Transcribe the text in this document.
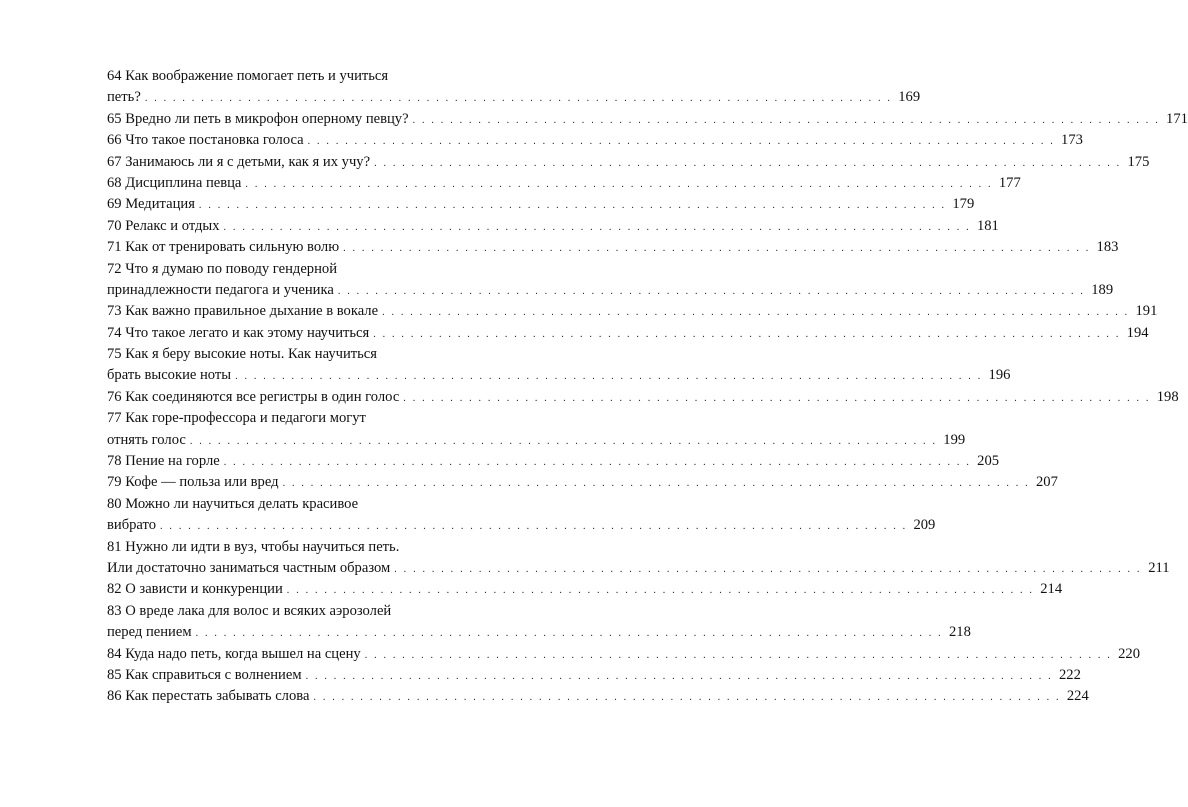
64 Как воображение помогает петь и учиться
петь? . . . . . . . . . . . . . . . . . . . . . . . . . . . . . . . . . . . . . . . . . . . . . . . . . . . . . . . . . . . . . . . . . . . . . . . . . . . . . . . . 169
65 Вредно ли петь в микрофон оперному певцу? . . . . . . . . . . . . . . . . . . . . . . . . . . . . . . . . . . . . . . . . . . . . . . . . . . . . . . . . . . . . . . . . . . . . . . . . . . . . . . . . 171
66 Что такое постановка голоса . . . . . . . . . . . . . . . . . . . . . . . . . . . . . . . . . . . . . . . . . . . . . . . . . . . . . . . . . . . . . . . . . . . . . . . . . . . . . . . . 173
67 Занимаюсь ли я с детьми, как я их учу? . . . . . . . . . . . . . . . . . . . . . . . . . . . . . . . . . . . . . . . . . . . . . . . . . . . . . . . . . . . . . . . . . . . . . . . . . . . . . . . . 175
68 Дисциплина певца . . . . . . . . . . . . . . . . . . . . . . . . . . . . . . . . . . . . . . . . . . . . . . . . . . . . . . . . . . . . . . . . . . . . . . . . . . . . . . . . 177
69 Медитация . . . . . . . . . . . . . . . . . . . . . . . . . . . . . . . . . . . . . . . . . . . . . . . . . . . . . . . . . . . . . . . . . . . . . . . . . . . . . . . . 179
70 Релакс и отдых . . . . . . . . . . . . . . . . . . . . . . . . . . . . . . . . . . . . . . . . . . . . . . . . . . . . . . . . . . . . . . . . . . . . . . . . . . . . . . . . 181
71 Как от тренировать сильную волю . . . . . . . . . . . . . . . . . . . . . . . . . . . . . . . . . . . . . . . . . . . . . . . . . . . . . . . . . . . . . . . . . . . . . . . . . . . . . . . . 183
72 Что я думаю по поводу гендерной
принадлежности педагога и ученика . . . . . . . . . . . . . . . . . . . . . . . . . . . . . . . . . . . . . . . . . . . . . . . . . . . . . . . . . . . . . . . . . . . . . . . . . . . . . . . . 189
73 Как важно правильное дыхание в вокале . . . . . . . . . . . . . . . . . . . . . . . . . . . . . . . . . . . . . . . . . . . . . . . . . . . . . . . . . . . . . . . . . . . . . . . . . . . . . . . . 191
74 Что такое легато и как этому научиться . . . . . . . . . . . . . . . . . . . . . . . . . . . . . . . . . . . . . . . . . . . . . . . . . . . . . . . . . . . . . . . . . . . . . . . . . . . . . . . . 194
75 Как я беру высокие ноты. Как научиться
брать высокие ноты . . . . . . . . . . . . . . . . . . . . . . . . . . . . . . . . . . . . . . . . . . . . . . . . . . . . . . . . . . . . . . . . . . . . . . . . . . . . . . . . 196
76 Как соединяются все регистры в один голос . . . . . . . . . . . . . . . . . . . . . . . . . . . . . . . . . . . . . . . . . . . . . . . . . . . . . . . . . . . . . . . . . . . . . . . . . . . . . . . . 198
77 Как горе-профессора и педагоги могут
отнять голос . . . . . . . . . . . . . . . . . . . . . . . . . . . . . . . . . . . . . . . . . . . . . . . . . . . . . . . . . . . . . . . . . . . . . . . . . . . . . . . . 199
78 Пение на горле . . . . . . . . . . . . . . . . . . . . . . . . . . . . . . . . . . . . . . . . . . . . . . . . . . . . . . . . . . . . . . . . . . . . . . . . . . . . . . . . 205
79 Кофе — польза или вред . . . . . . . . . . . . . . . . . . . . . . . . . . . . . . . . . . . . . . . . . . . . . . . . . . . . . . . . . . . . . . . . . . . . . . . . . . . . . . . . 207
80 Можно ли научиться делать красивое
вибрато . . . . . . . . . . . . . . . . . . . . . . . . . . . . . . . . . . . . . . . . . . . . . . . . . . . . . . . . . . . . . . . . . . . . . . . . . . . . . . . . 209
81 Нужно ли идти в вуз, чтобы научиться петь.
Или достаточно заниматься частным образом . . . . . . . . . . . . . . . . . . . . . . . . . . . . . . . . . . . . . . . . . . . . . . . . . . . . . . . . . . . . . . . . . . . . . . . . . . . . . . . . 211
82 О зависти и конкуренции . . . . . . . . . . . . . . . . . . . . . . . . . . . . . . . . . . . . . . . . . . . . . . . . . . . . . . . . . . . . . . . . . . . . . . . . . . . . . . . . 214
83 О вреде лака для волос и всяких аэрозолей
перед пением . . . . . . . . . . . . . . . . . . . . . . . . . . . . . . . . . . . . . . . . . . . . . . . . . . . . . . . . . . . . . . . . . . . . . . . . . . . . . . . . 218
84 Куда надо петь, когда вышел на сцену . . . . . . . . . . . . . . . . . . . . . . . . . . . . . . . . . . . . . . . . . . . . . . . . . . . . . . . . . . . . . . . . . . . . . . . . . . . . . . . . 220
85 Как справиться с волнением . . . . . . . . . . . . . . . . . . . . . . . . . . . . . . . . . . . . . . . . . . . . . . . . . . . . . . . . . . . . . . . . . . . . . . . . . . . . . . . . 222
86 Как перестать забывать слова . . . . . . . . . . . . . . . . . . . . . . . . . . . . . . . . . . . . . . . . . . . . . . . . . . . . . . . . . . . . . . . . . . . . . . . . . . . . . . . . 224
